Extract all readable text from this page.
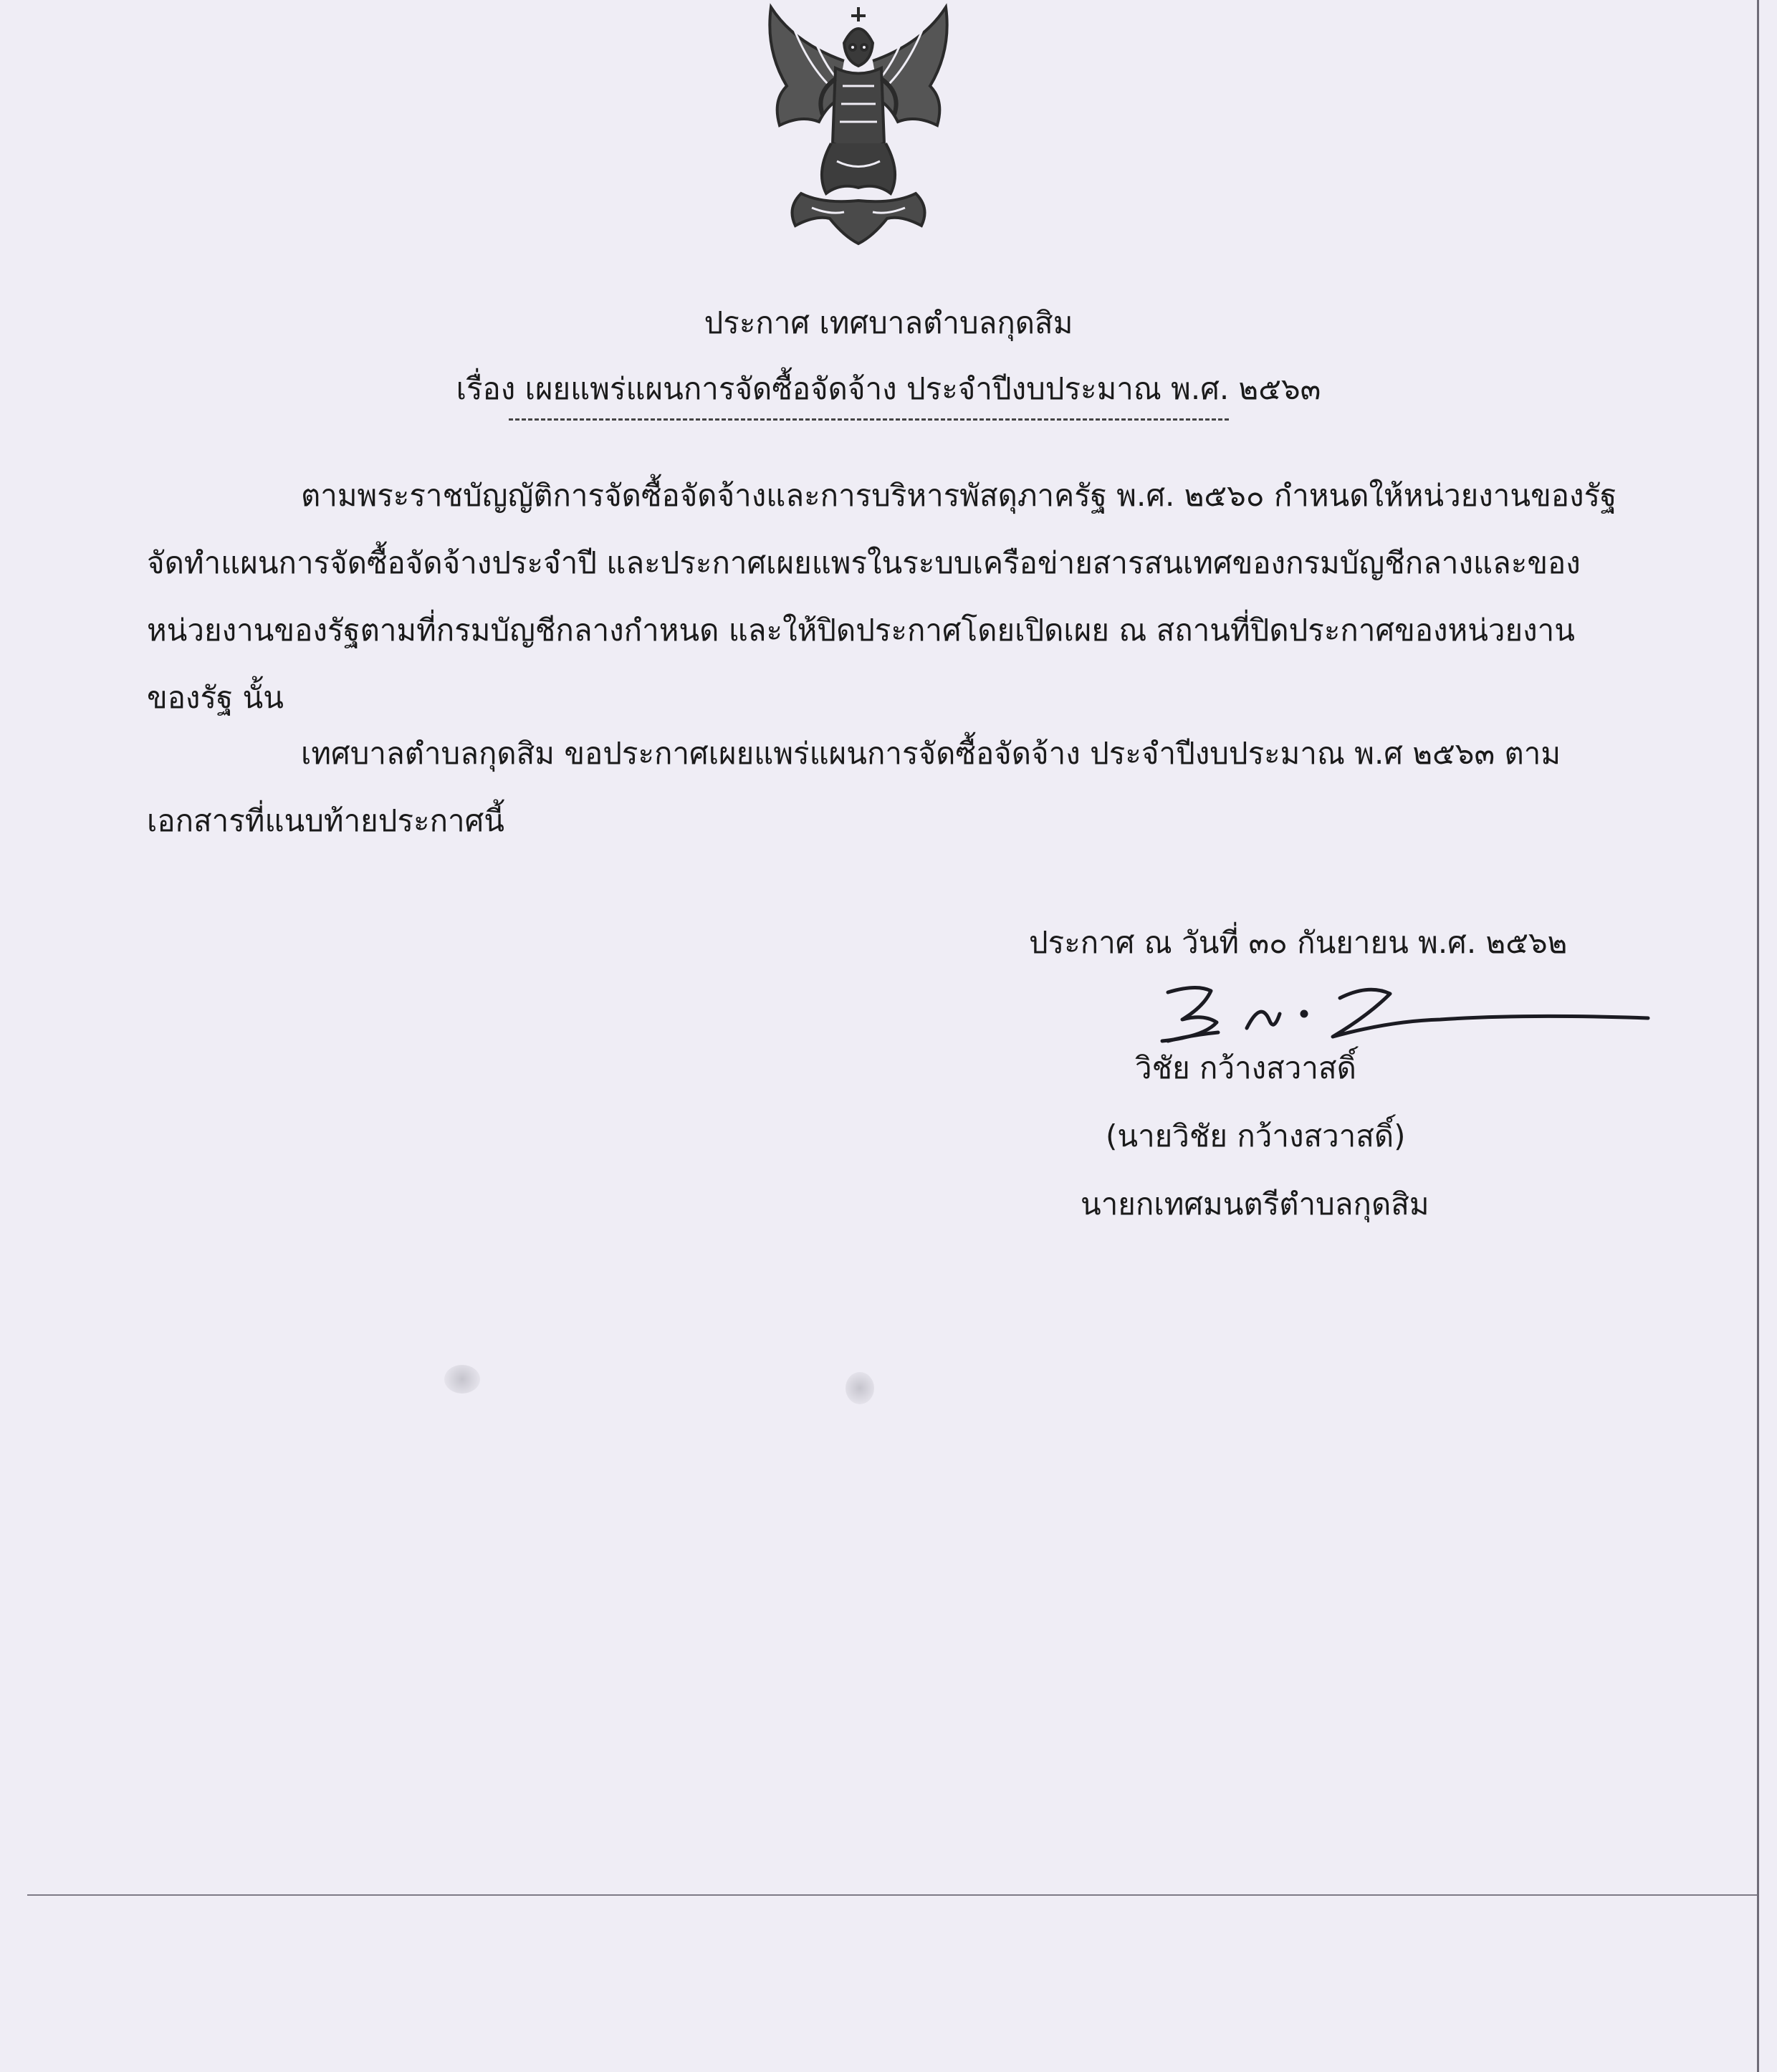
ประกาศ เทศบาลตำบลกุดสิม
เรื่อง เผยแพร่แผนการจัดซื้อจัดจ้าง ประจำปีงบประมาณ พ.ศ. ๒๕๖๓
ตามพระราชบัญญัติการจัดซื้อจัดจ้างและการบริหารพัสดุภาครัฐ พ.ศ. ๒๕๖๐ กำหนดให้หน่วยงานของรัฐ
จัดทำแผนการจัดซื้อจัดจ้างประจำปี และประกาศเผยแพรในระบบเครือข่ายสารสนเทศของกรมบัญชีกลางและของ
หน่วยงานของรัฐตามที่กรมบัญชีกลางกำหนด และให้ปิดประกาศโดยเปิดเผย ณ สถานที่ปิดประกาศของหน่วยงาน
ของรัฐ นั้น
เทศบาลตำบลกุดสิม ขอประกาศเผยแพร่แผนการจัดซื้อจัดจ้าง ประจำปีงบประมาณ พ.ศ ๒๕๖๓ ตาม
เอกสารที่แนบท้ายประกาศนี้
ประกาศ ณ วันที่ ๓๐ กันยายน พ.ศ. ๒๕๖๒
วิชัย กว้างสวาสดิ์
(นายวิชัย กว้างสวาสดิ์)
นายกเทศมนตรีตำบลกุดสิม
